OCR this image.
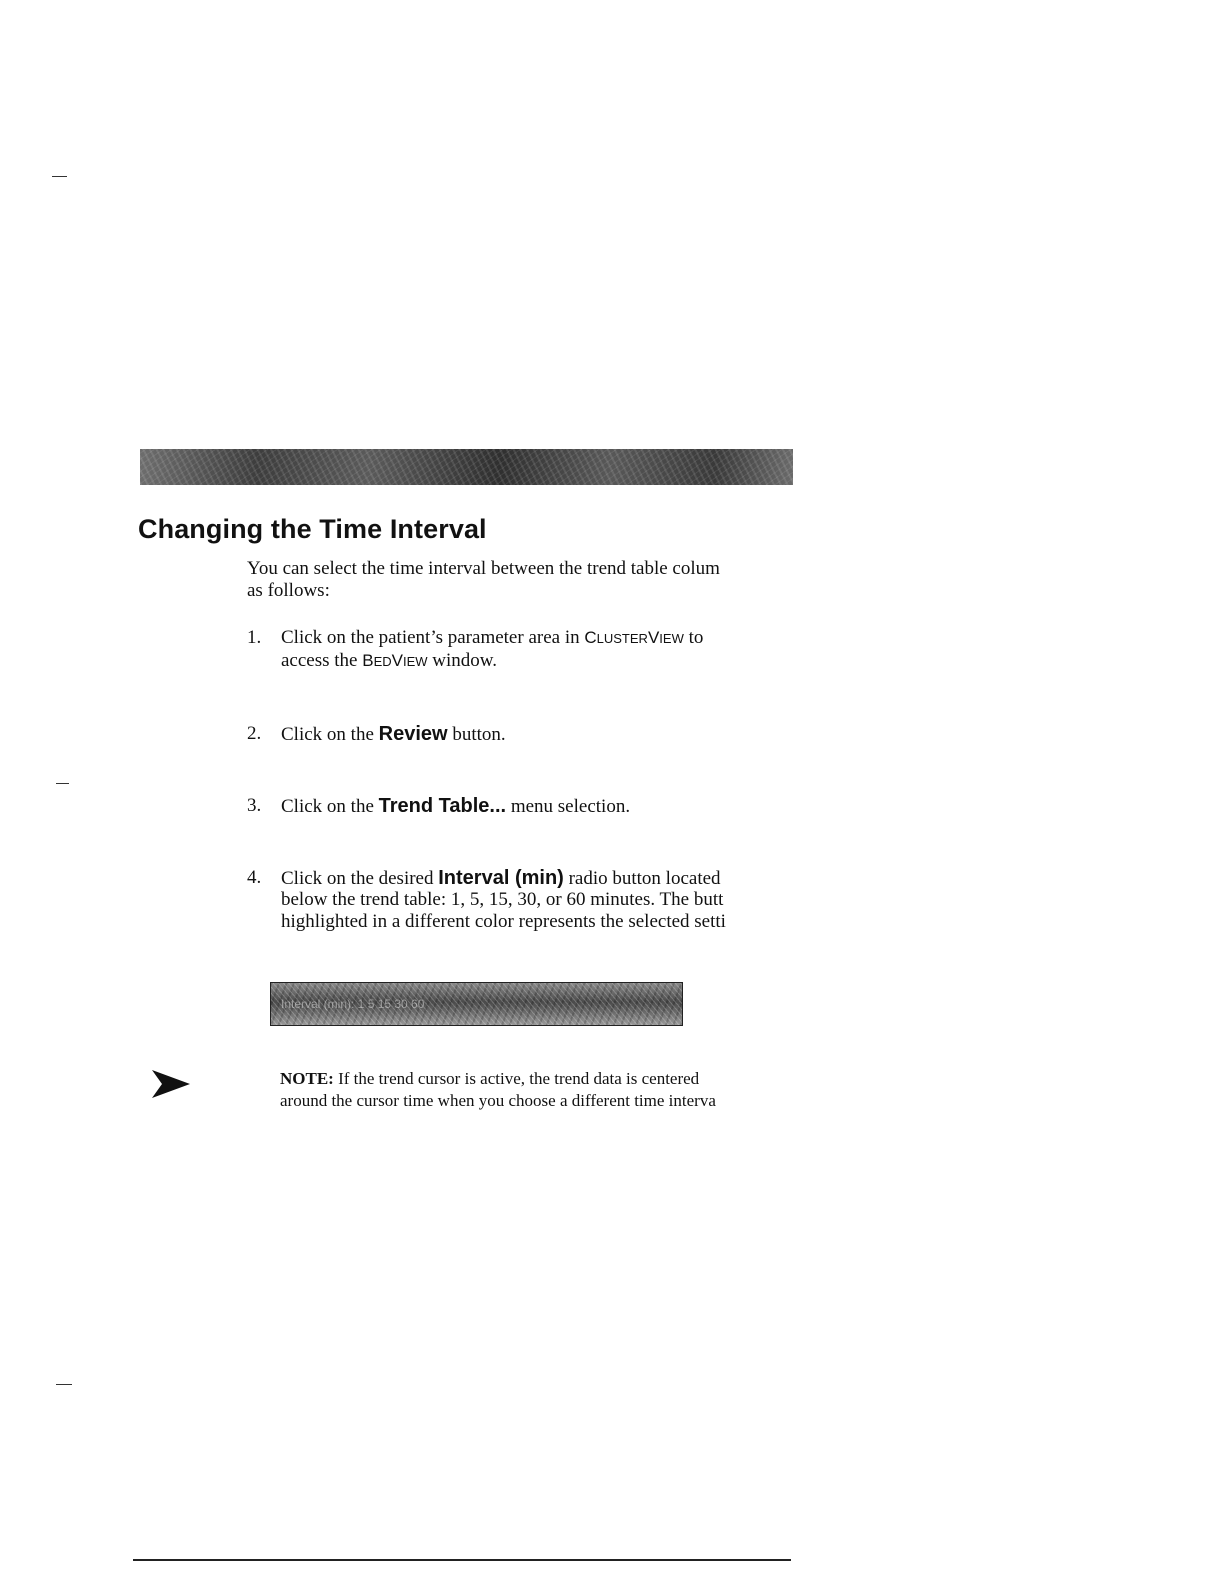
Changing the Time Interval
You can select the time interval between the trend table colum
as follows:
1. Click on the patient’s parameter area in CLUSTERVIEW to
access the BEDVIEW window.
2. Click on the Review button.
3. Click on the Trend Table... menu selection.
4. Click on the desired Interval (min) radio button located
below the trend table: 1, 5, 15, 30, or 60 minutes. The butt
highlighted in a different color represents the selected setti
Interval (min): 1 5 15 30 60
NOTE: If the trend cursor is active, the trend data is centered
around the cursor time when you choose a different time interva
